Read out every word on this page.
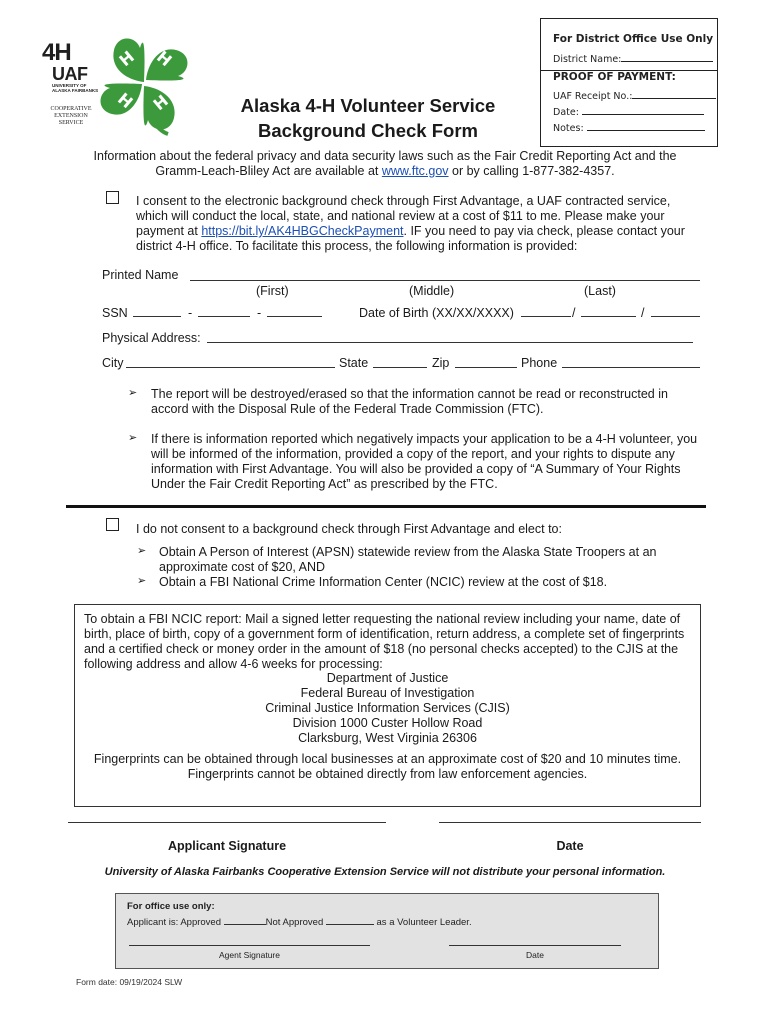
4H
UAF
UNIVERSITY OF ALASKA FAIRBANKS
COOPERATIVE EXTENSION SERVICE
H H
H
H	Alaska 4-H Volunteer Service
Background Check Form
For District Office Use Only
District Name:
PROOF OF PAYMENT:
UAF Receipt No.:
Date:
Notes:
Information about the federal privacy and data security laws such as the Fair Credit Reporting Act and the
Gramm-Leach-Bliley Act are available at www.ftc.gov or by calling 1-877-382-4357.
I consent to the electronic background check through First Advantage, a UAF contracted service,
which will conduct the local, state, and national review at a cost of $11 to me. Please make your
payment at https://bit.ly/AK4HBGCheckPayment. IF you need to pay via check, please contact your
district 4-H office. To facilitate this process, the following information is provided:
Printed Name
(First)	(Middle)	(Last)
SSN	-	-	Date of Birth (XX/XX/XXXX)	/	/
Physical Address:
City	State	Zip	Phone
➢ The report will be destroyed/erased so that the information cannot be read or reconstructed in
accord with the Disposal Rule of the Federal Trade Commission (FTC).
➢ If there is information reported which negatively impacts your application to be a 4-H volunteer, you
will be informed of the information, provided a copy of the report, and your rights to dispute any
information with First Advantage. You will also be provided a copy of “A Summary of Your Rights
Under the Fair Credit Reporting Act” as prescribed by the FTC.
I do not consent to a background check through First Advantage and elect to:
➢ Obtain A Person of Interest (APSN) statewide review from the Alaska State Troopers at an
approximate cost of $20, AND
➢ Obtain a FBI National Crime Information Center (NCIC) review at the cost of $18.
To obtain a FBI NCIC report: Mail a signed letter requesting the national review including your name, date of
birth, place of birth, copy of a government form of identification, return address, a complete set of fingerprints
and a certified check or money order in the amount of $18 (no personal checks accepted) to the CJIS at the
following address and allow 4-6 weeks for processing:
Department of Justice
Federal Bureau of Investigation
Criminal Justice Information Services (CJIS)
Division 1000 Custer Hollow Road
Clarksburg, West Virginia 26306
Fingerprints can be obtained through local businesses at an approximate cost of $20 and 10 minutes time.
Fingerprints cannot be obtained directly from law enforcement agencies.
Applicant Signature	Date
University of Alaska Fairbanks Cooperative Extension Service will not distribute your personal information.
For office use only:
Applicant is: Approved	Not Approved	as a Volunteer Leader.
Agent Signature	Date
Form date: 09/19/2024 SLW
